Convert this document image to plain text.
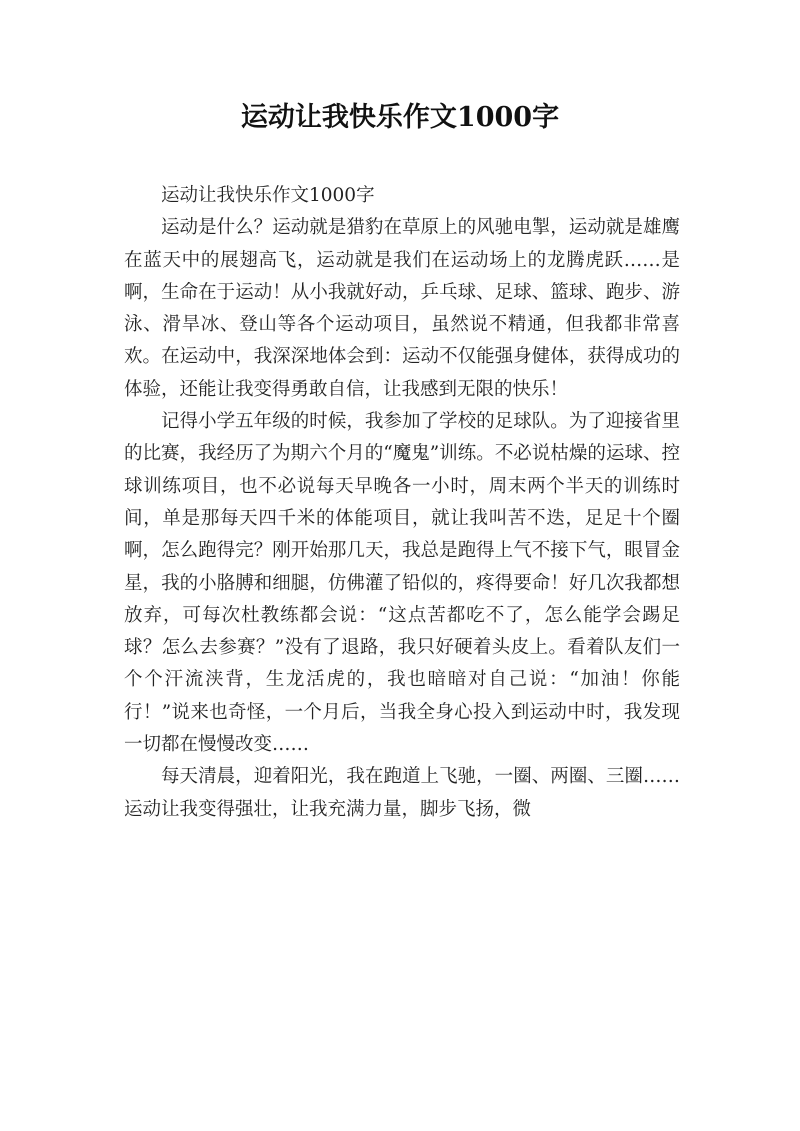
运动让我快乐作文1000字

运动让我快乐作文1000字

运动是什么？运动就是猎豹在草原上的风驰电掣，运动就是雄鹰在蓝天中的展翅高飞，运动就是我们在运动场上的龙腾虎跃……是啊，生命在于运动！从小我就好动，乒乓球、足球、篮球、跑步、游泳、滑旱冰、登山等各个运动项目，虽然说不精通，但我都非常喜欢。在运动中，我深深地体会到：运动不仅能强身健体，获得成功的体验，还能让我变得勇敢自信，让我感到无限的快乐！

记得小学五年级的时候，我参加了学校的足球队。为了迎接省里的比赛，我经历了为期六个月的“魔鬼”训练。不必说枯燥的运球、控球训练项目，也不必说每天早晚各一小时，周末两个半天的训练时间，单是那每天四千米的体能项目，就让我叫苦不迭，足足十个圈啊，怎么跑得完？刚开始那几天，我总是跑得上气不接下气，眼冒金星，我的小胳膊和细腿，仿佛灌了铅似的，疼得要命！好几次我都想放弃，可每次杜教练都会说：“这点苦都吃不了，怎么能学会踢足球？怎么去参赛？”没有了退路，我只好硬着头皮上。看着队友们一个个汗流浃背，生龙活虎的，我也暗暗对自己说：“加油！你能行！”说来也奇怪，一个月后，当我全身心投入到运动中时，我发现一切都在慢慢改变……

每天清晨，迎着阳光，我在跑道上飞驰，一圈、两圈、三圈……运动让我变得强壮，让我充满力量，脚步飞扬，微
